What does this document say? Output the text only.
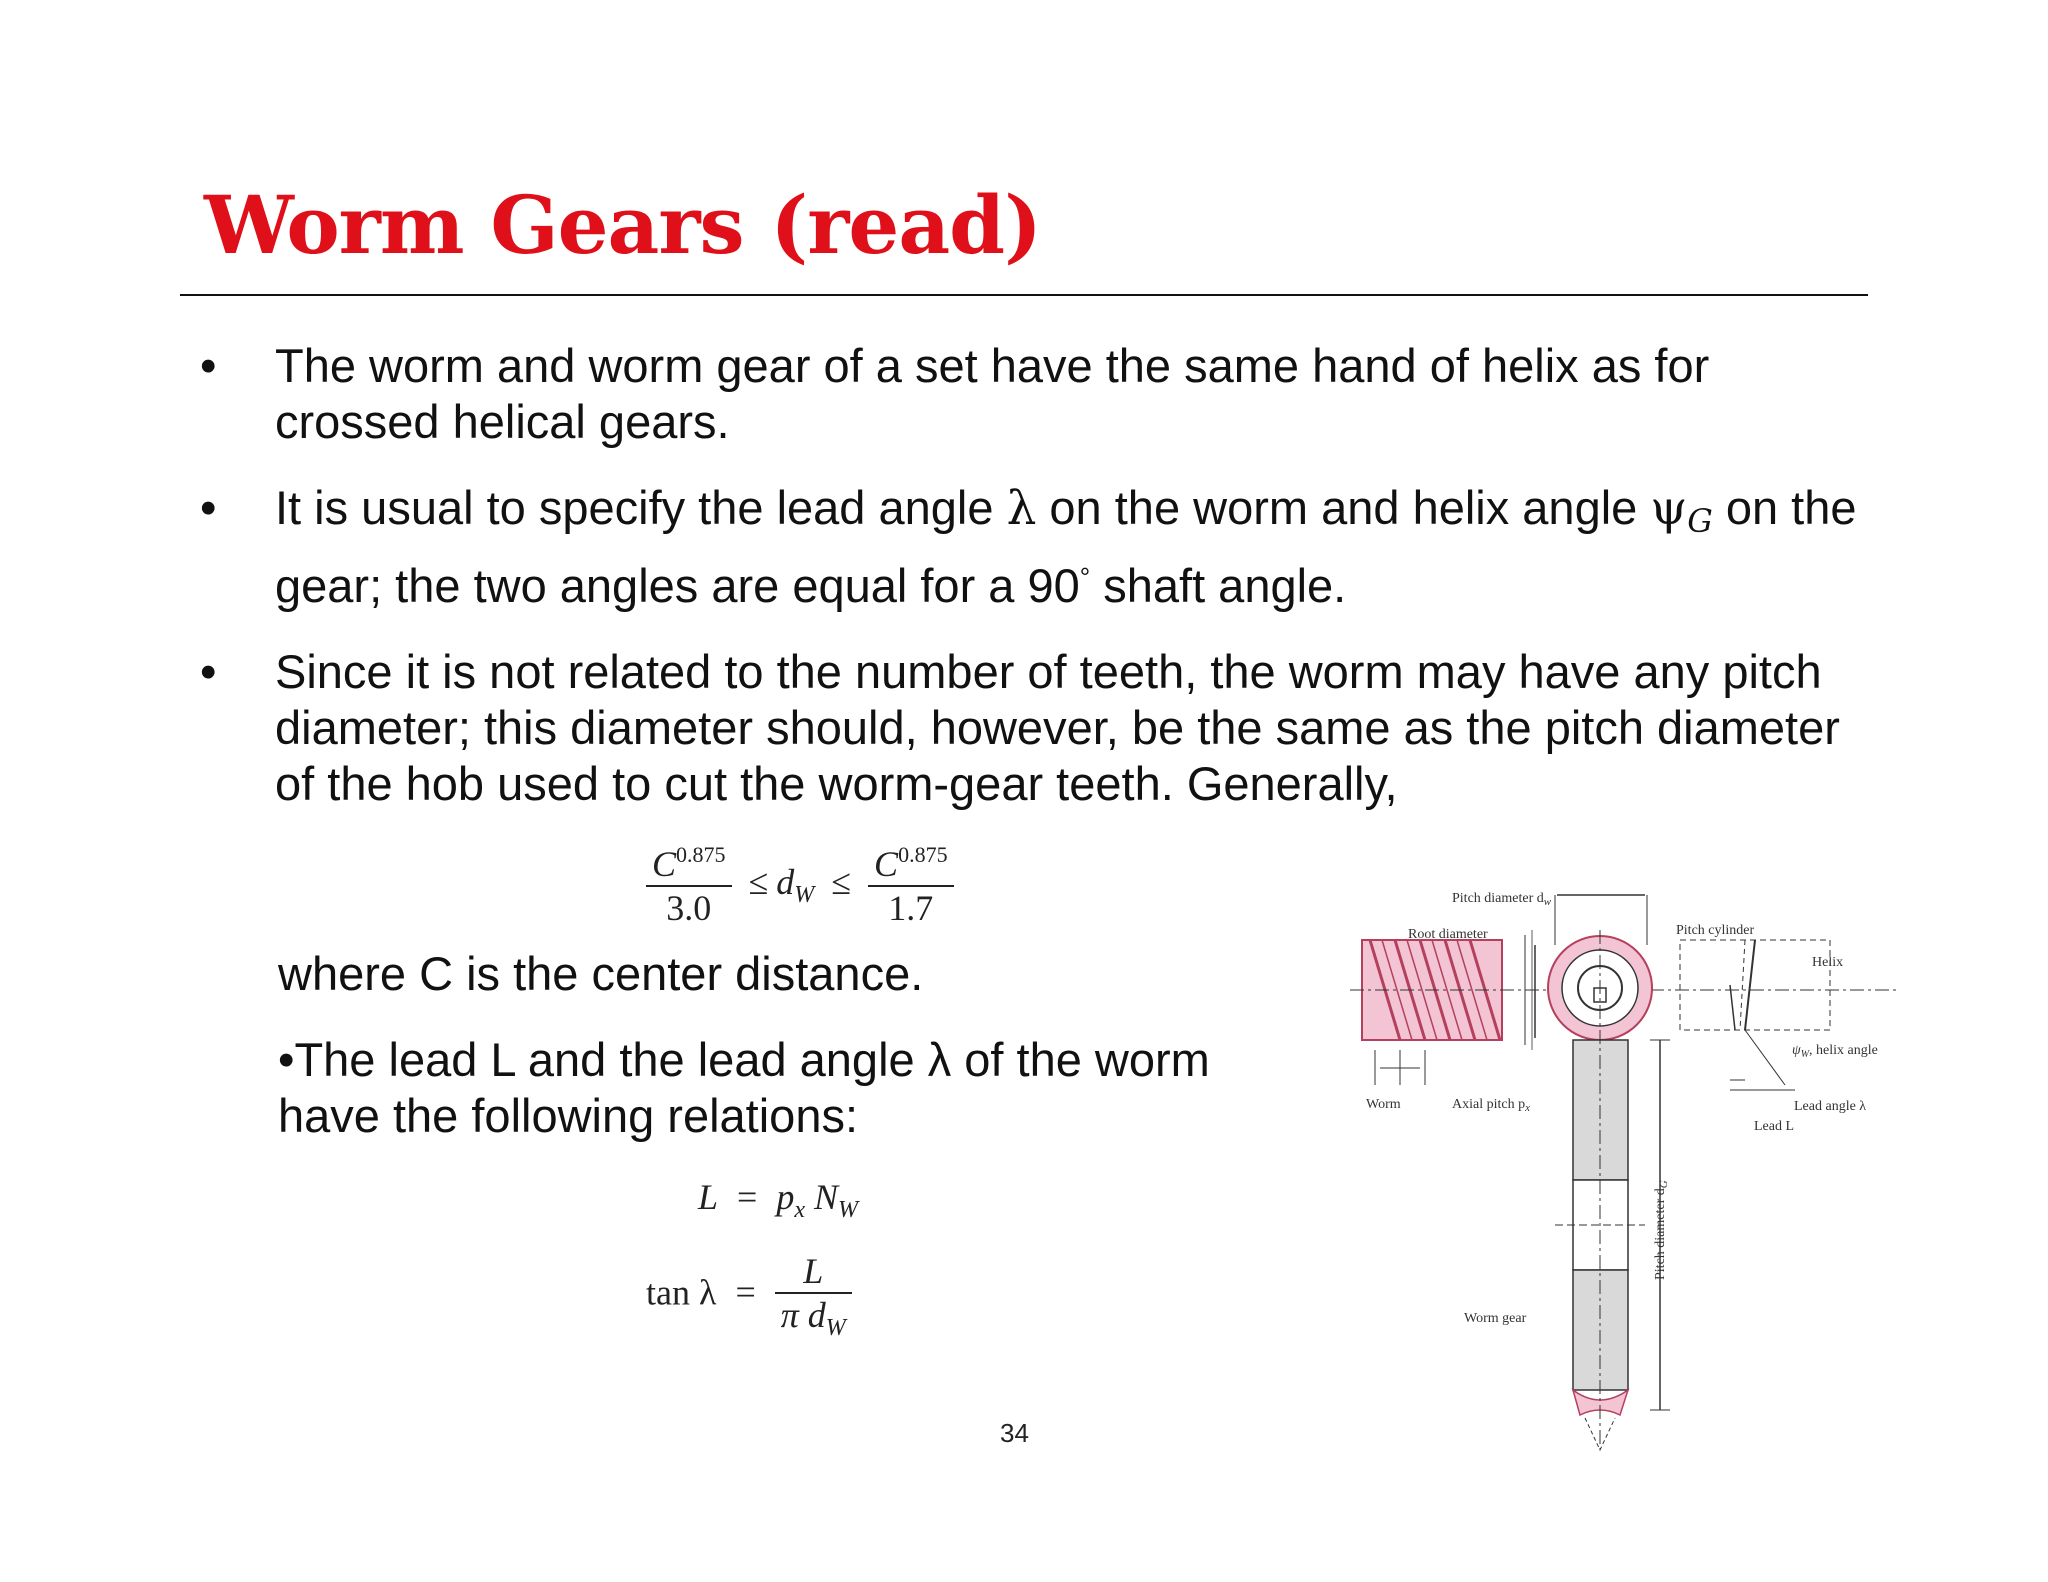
Worm Gears (read)
• The worm and worm gear of a set have the same hand of helix as for crossed helical gears.
• It is usual to specify the lead angle λ on the worm and helix angle $\psi_G$ on the gear; the two angles are equal for a 90° shaft angle.
• Since it is not related to the number of teeth, the worm may have any pitch diameter; this diameter should, however, be the same as the pitch diameter of the hob used to cut the worm-gear teeth. Generally,
$\frac{C^{0.875}}{3.0} \le d_W \le \frac{C^{0.875}}{1.7}$
where C is the center distance.
•The lead L and the lead angle λ of the worm
have the following relations:
$L = p_x$ $N_W$
$\tan \lambda = \frac{L}{\pi d_W}$
34
Pitch diameter $d_w$
Root diameter	Pitch cylinder
Helix
$\psi_W$, helix angle
Worm	Axial pitch $p_x$	Lead angle λ
Lead L
Pitch diameter $d_G$
Worm gear
